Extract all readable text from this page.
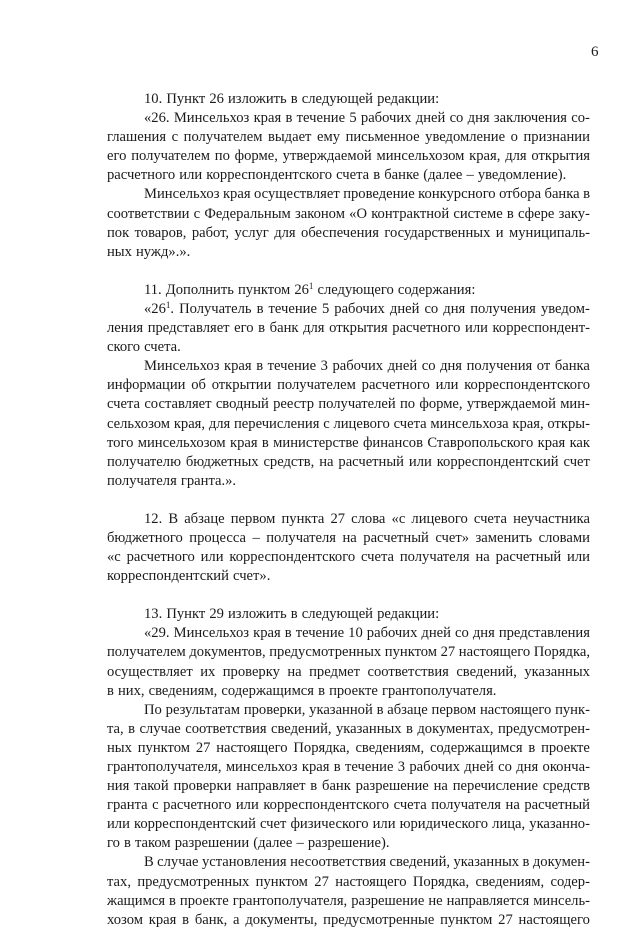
6
10. Пункт 26 изложить в следующей редакции:
«26. Минсельхоз края в течение 5 рабочих дней со дня заключения со-
глашения с получателем выдает ему письменное уведомление о признании
его получателем по форме, утверждаемой минсельхозом края, для открытия
расчетного или корреспондентского счета в банке (далее – уведомление).
Минсельхоз края осуществляет проведение конкурсного отбора банка в
соответствии с Федеральным законом «О контрактной системе в сфере заку-
пок товаров, работ, услуг для обеспечения государственных и муниципаль-
ных нужд».».
11. Дополнить пунктом $26^1$ следующего содержания:
«$26^1$. Получатель в течение 5 рабочих дней со дня получения уведом-
ления представляет его в банк для открытия расчетного или корреспондент-
ского счета.
Минсельхоз края в течение 3 рабочих дней со дня получения от банка
информации об открытии получателем расчетного или корреспондентского
счета составляет сводный реестр получателей по форме, утверждаемой мин-
сельхозом края, для перечисления с лицевого счета минсельхоза края, откры-
того минсельхозом края в министерстве финансов Ставропольского края как
получателю бюджетных средств, на расчетный или корреспондентский счет
получателя гранта.».
12. В абзаце первом пункта 27 слова «с лицевого счета неучастника
бюджетного процесса – получателя на расчетный счет» заменить словами
«с расчетного или корреспондентского счета получателя на расчетный или
корреспондентский счет».
13. Пункт 29 изложить в следующей редакции:
«29. Минсельхоз края в течение 10 рабочих дней со дня представления
получателем документов, предусмотренных пунктом 27 настоящего Порядка,
осуществляет их проверку на предмет соответствия сведений, указанных
в них, сведениям, содержащимся в проекте грантополучателя.
По результатам проверки, указанной в абзаце первом настоящего пунк-
та, в случае соответствия сведений, указанных в документах, предусмотрен-
ных пунктом 27 настоящего Порядка, сведениям, содержащимся в проекте
грантополучателя, минсельхоз края в течение 3 рабочих дней со дня оконча-
ния такой проверки направляет в банк разрешение на перечисление средств
гранта с расчетного или корреспондентского счета получателя на расчетный
или корреспондентский счет физического или юридического лица, указанно-
го в таком разрешении (далее – разрешение).
В случае установления несоответствия сведений, указанных в докумен-
тах, предусмотренных пунктом 27 настоящего Порядка, сведениям, содер-
жащимся в проекте грантополучателя, разрешение не направляется минсель-
хозом края в банк, а документы, предусмотренные пунктом 27 настоящего
